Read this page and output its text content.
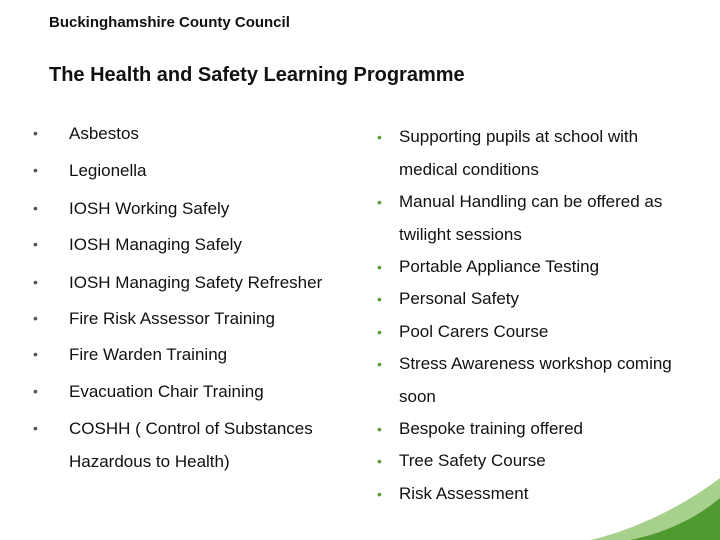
Buckinghamshire County Council
The Health and Safety Learning Programme
• Asbestos
• Legionella
• IOSH Working Safely
• IOSH Managing Safely
• IOSH Managing Safety Refresher
• Fire Risk Assessor Training
• Fire Warden Training
• Evacuation Chair Training
• COSHH ( Control of Substances
Hazardous to Health)
• Supporting pupils at school with
medical conditions
• Manual Handling can be offered as
twilight sessions
• Portable Appliance Testing
• Personal Safety
• Pool Carers Course
• Stress Awareness workshop coming
soon
• Bespoke training offered
• Tree Safety Course
• Risk Assessment
